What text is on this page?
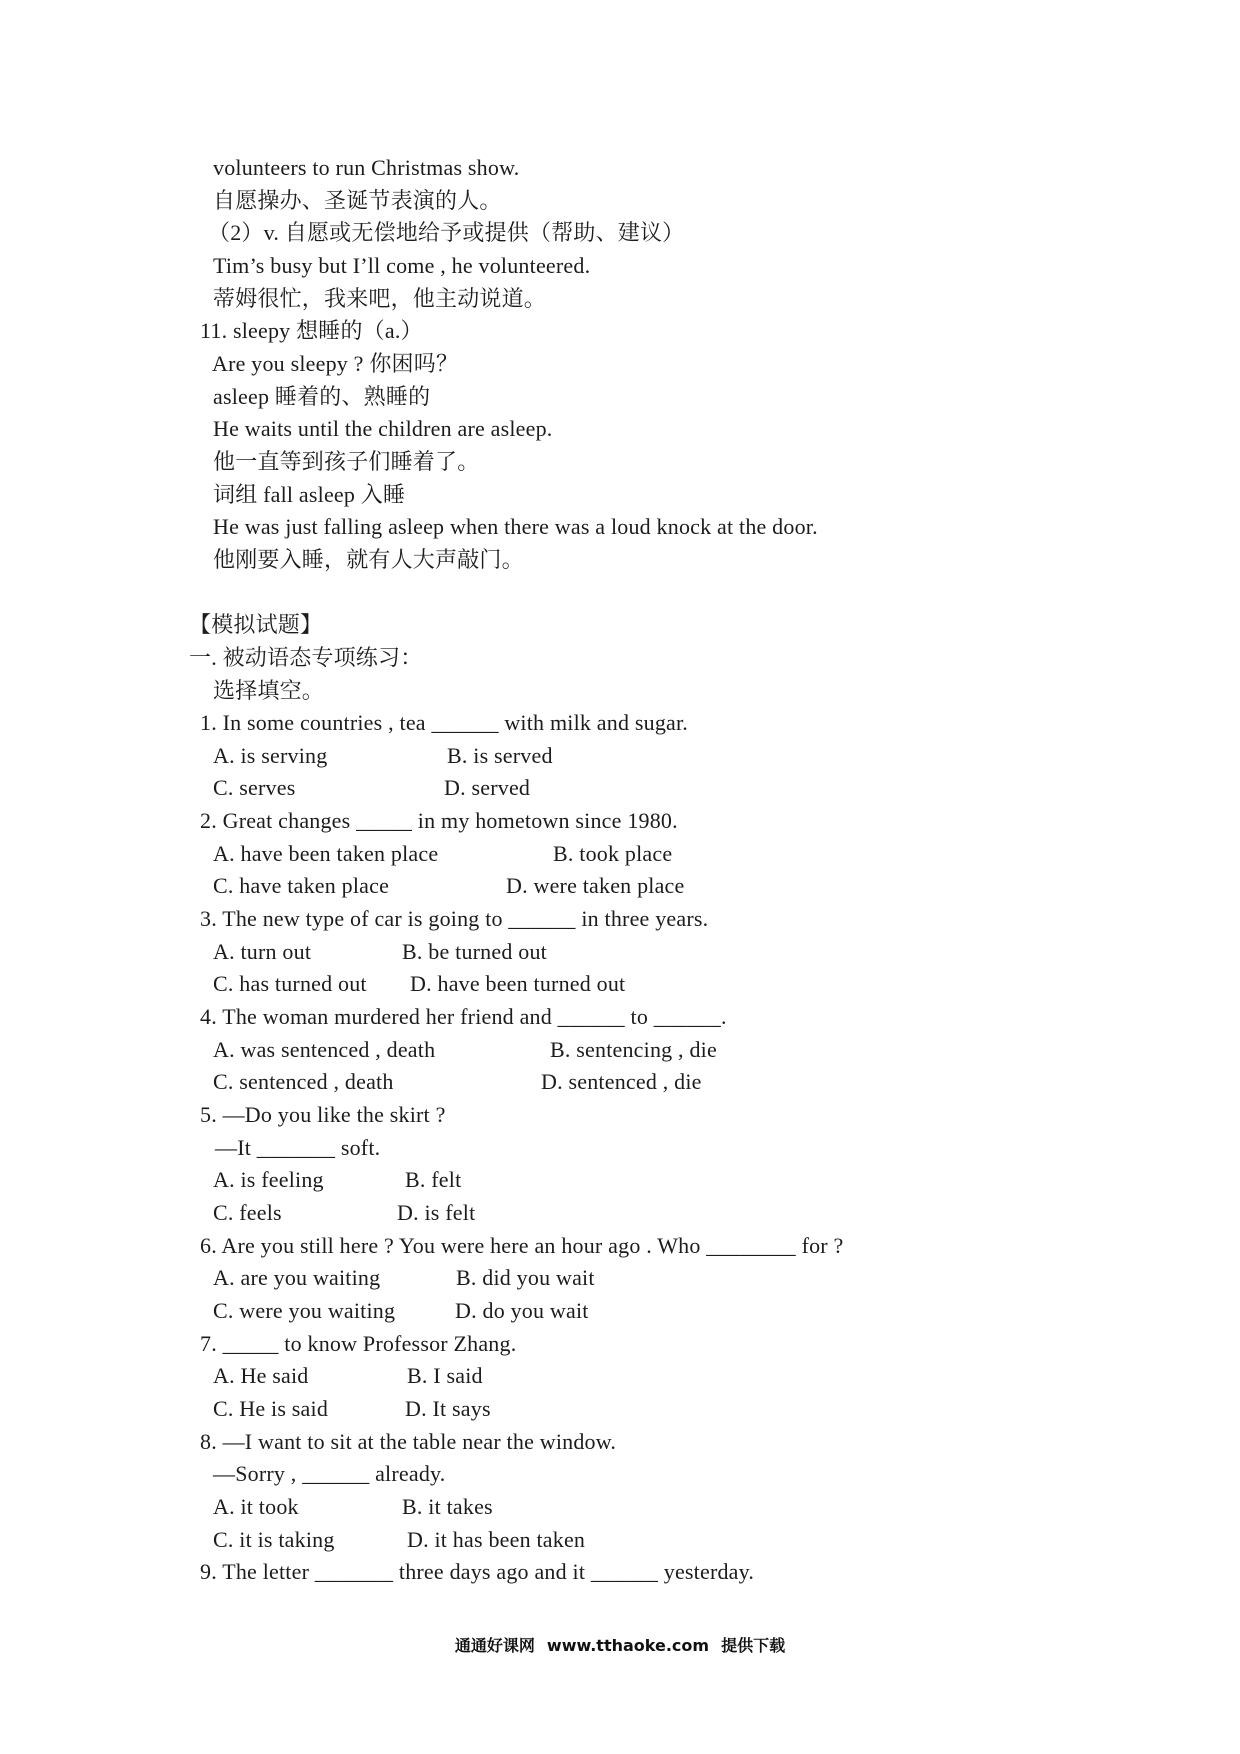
volunteers to run Christmas show.
自愿操办、圣诞节表演的人。
（2）v. 自愿或无偿地给予或提供（帮助、建议）
Tim’s busy but I’ll come , he volunteered.
蒂姆很忙，我来吧，他主动说道。
11. sleepy 想睡的（a.）
Are you sleepy ? 你困吗？
asleep 睡着的、熟睡的
He waits until the children are asleep.
他一直等到孩子们睡着了。
词组 fall asleep 入睡
He was just falling asleep when there was a loud knock at the door.
他刚要入睡，就有人大声敲门。
【模拟试题】
一. 被动语态专项练习：
选择填空。
1. In some countries , tea ______ with milk and sugar.
A. is serving	B. is served
C. serves	D. served
2. Great changes _____ in my hometown since 1980.
A. have been taken place	B. took place
C. have taken place	D. were taken place
3. The new type of car is going to ______ in three years.
A. turn out	B. be turned out
C. has turned out D. have been turned out
4. The woman murdered her friend and ______ to ______.
A. was sentenced , death	B. sentencing , die
C. sentenced , death	D. sentenced , die
5. —Do you like the skirt ?
—It _______ soft.
A. is feeling	B. felt
C. feels	D. is felt
6. Are you still here ? You were here an hour ago . Who ________ for ?
A. are you waiting	B. did you wait
C. were you waiting	D. do you wait
7. _____ to know Professor Zhang.
A. He said	B. I said
C. He is said	D. It says
8. —I want to sit at the table near the window.
—Sorry , ______ already.
A. it took	B. it takes
C. it is taking	D. it has been taken
9. The letter _______ three days ago and it ______ yesterday.
通通好课网 www.tthaoke.com 提供下载
